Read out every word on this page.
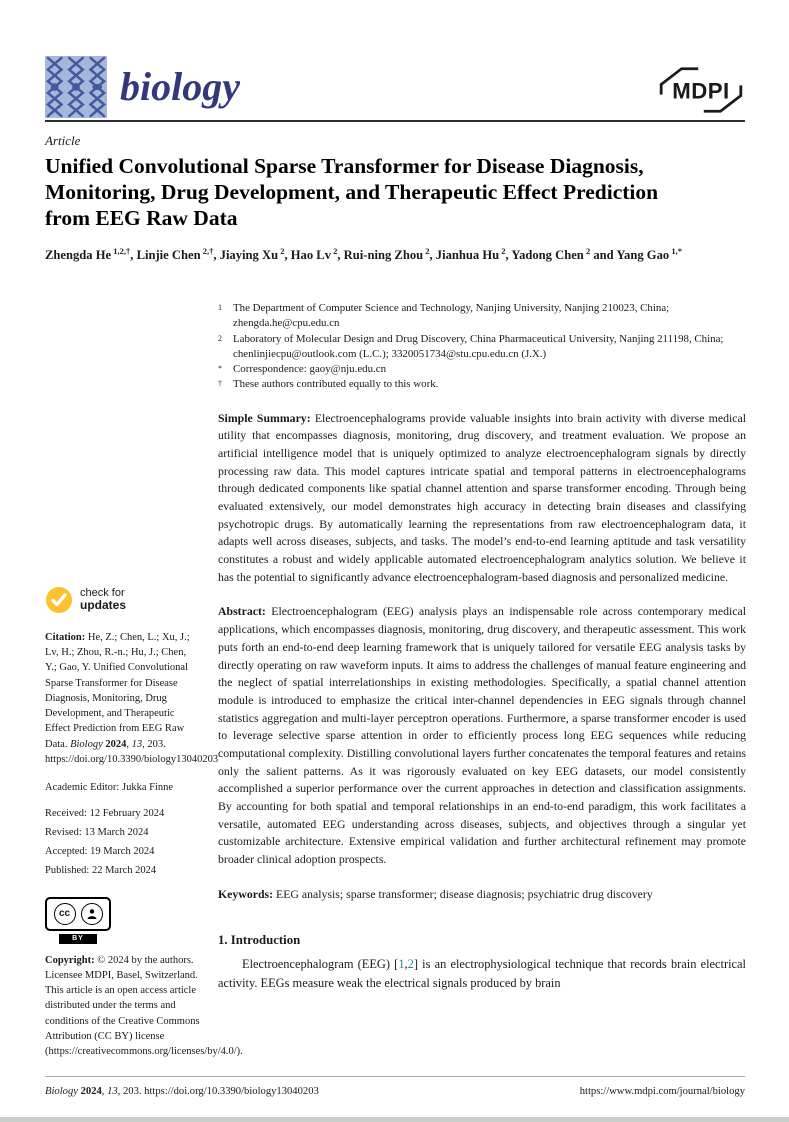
biology	MDPI
Article
Unified Convolutional Sparse Transformer for Disease Diagnosis, Monitoring, Drug Development, and Therapeutic Effect Prediction from EEG Raw Data
Zhengda He $^{1,2,\dagger}$, Linjie Chen $^{2,\dagger}$, Jiaying Xu $^2$, Hao Lv $^2$, Rui-ning Zhou $^2$, Jianhua Hu $^2$, Yadong Chen $^2$ and Yang Gao $^{1,*}$
1	The Department of Computer Science and Technology, Nanjing University, Nanjing 210023, China; zhengda.he@cpu.edu.cn
2	Laboratory of Molecular Design and Drug Discovery, China Pharmaceutical University, Nanjing 211198, China; chenlinjiecpu@outlook.com (L.C.); 3320051734@stu.cpu.edu.cn (J.X.)
*	Correspondence: gaoy@nju.edu.cn
†	These authors contributed equally to this work.
Simple Summary: Electroencephalograms provide valuable insights into brain activity with diverse medical utility that encompasses diagnosis, monitoring, drug discovery, and treatment evaluation. We propose an artificial intelligence model that is uniquely optimized to analyze electroencephalogram signals by directly processing raw data. This model captures intricate spatial and temporal patterns in electroencephalograms through dedicated components like spatial channel attention and sparse transformer encoding. Through being evaluated extensively, our model demonstrates high accuracy in detecting brain diseases and classifying psychotropic drugs. By automatically learning the representations from raw electroencephalogram data, it adapts well across diseases, subjects, and tasks. The model’s end-to-end learning aptitude and task versatility constitutes a robust and widely applicable automated electroencephalogram analytics solution. We believe it has the potential to significantly advance electroencephalogram-based diagnosis and personalized medicine.
Abstract: Electroencephalogram (EEG) analysis plays an indispensable role across contemporary medical applications, which encompasses diagnosis, monitoring, drug discovery, and therapeutic assessment. This work puts forth an end-to-end deep learning framework that is uniquely tailored for versatile EEG analysis tasks by directly operating on raw waveform inputs. It aims to address the challenges of manual feature engineering and the neglect of spatial interrelationships in existing methodologies. Specifically, a spatial channel attention module is introduced to emphasize the critical inter-channel dependencies in EEG signals through channel statistics aggregation and multi-layer perceptron operations. Furthermore, a sparse transformer encoder is used to leverage selective sparse attention in order to efficiently process long EEG sequences while reducing computational complexity. Distilling convolutional layers further concatenates the temporal features and retains only the salient patterns. As it was rigorously evaluated on key EEG datasets, our model consistently accomplished a superior performance over the current approaches in detection and classification assignments. By accounting for both spatial and temporal relationships in an end-to-end paradigm, this work facilitates a versatile, automated EEG understanding across diseases, subjects, and objectives through a singular yet customizable architecture. Extensive empirical validation and further architectural refinement may promote broader clinical adoption prospects.
Keywords: EEG analysis; sparse transformer; disease diagnosis; psychiatric drug discovery
1. Introduction
Electroencephalogram (EEG) [1,2] is an electrophysiological technique that records brain electrical activity. EEGs measure weak the electrical signals produced by brain
check for
updates
Citation: He, Z.; Chen, L.; Xu, J.; Lv, H.; Zhou, R.-n.; Hu, J.; Chen, Y.; Gao, Y. Unified Convolutional Sparse Transformer for Disease Diagnosis, Monitoring, Drug Development, and Therapeutic Effect Prediction from EEG Raw Data. Biology 2024, 13, 203. https://doi.org/10.3390/biology13040203
Academic Editor: Jukka Finne
Received: 12 February 2024
Revised: 13 March 2024
Accepted: 19 March 2024
Published: 22 March 2024
cc
BY
Copyright: © 2024 by the authors. Licensee MDPI, Basel, Switzerland. This article is an open access article distributed under the terms and conditions of the Creative Commons Attribution (CC BY) license (https://creativecommons.org/licenses/by/4.0/).
Biology 2024, 13, 203. https://doi.org/10.3390/biology13040203	https://www.mdpi.com/journal/biology
